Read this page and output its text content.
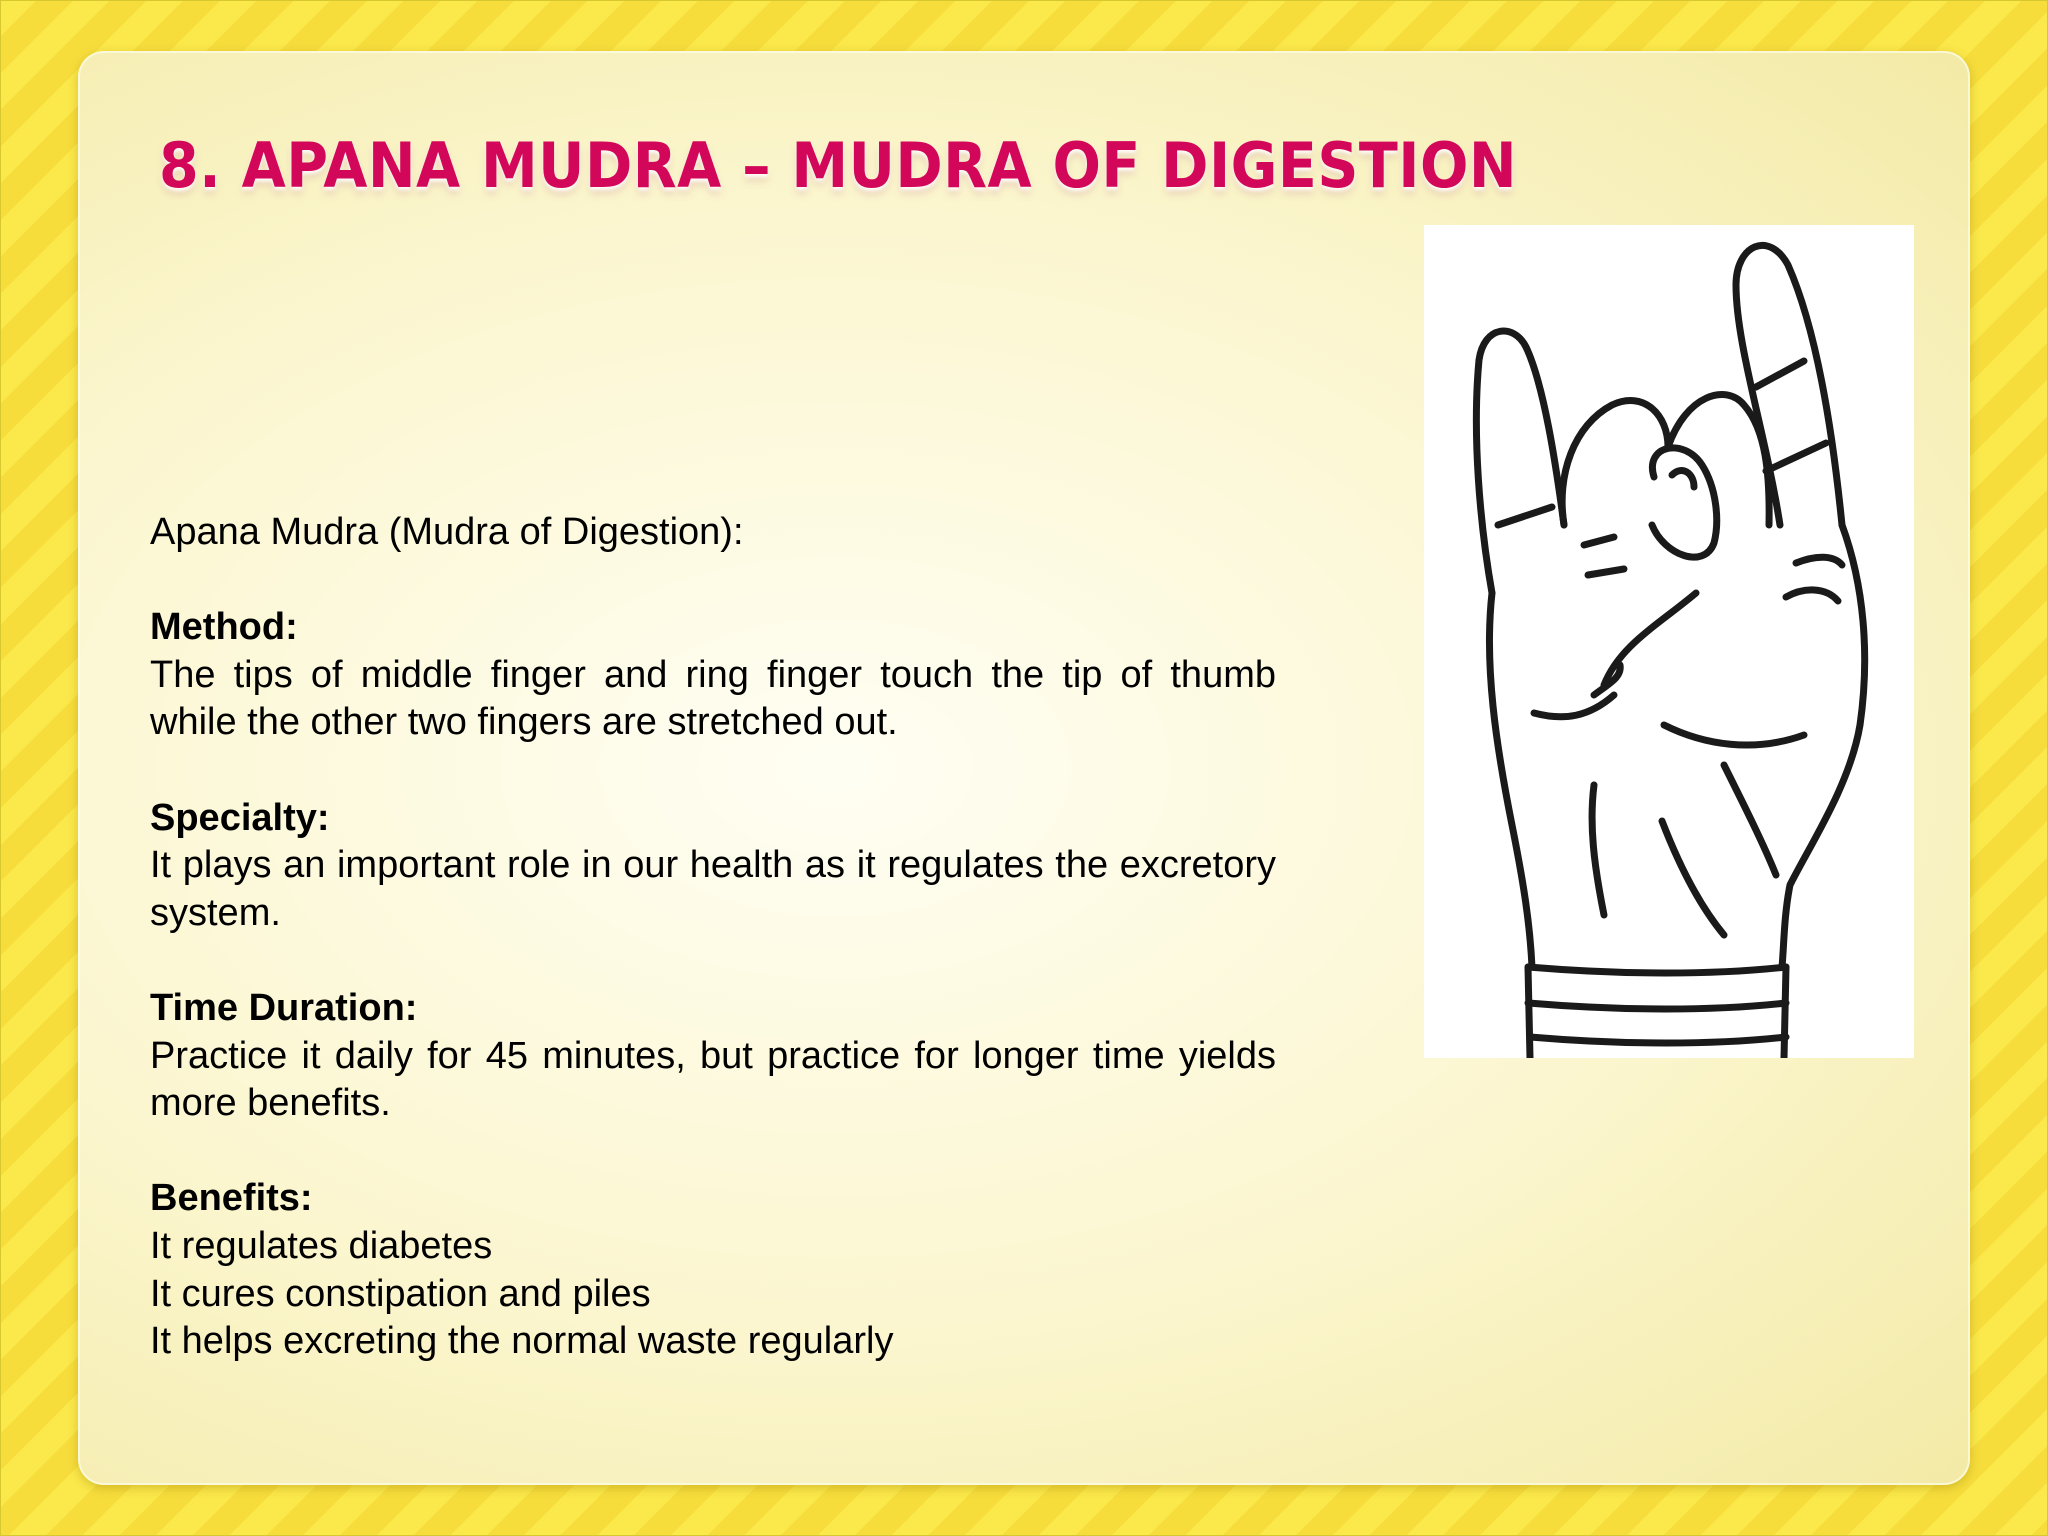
8. APANA MUDRA – MUDRA OF DIGESTION

Apana Mudra (Mudra of Digestion):

Method:

The tips of middle finger and ring finger touch the tip of thumb while the other two fingers are stretched out.

Specialty:

It plays an important role in our health as it regulates the excretory system.

Time Duration:

Practice it daily for 45 minutes, but practice for longer time yields more benefits.

Benefits:

It regulates diabetes

It cures constipation and piles

It helps excreting the normal waste regularly
